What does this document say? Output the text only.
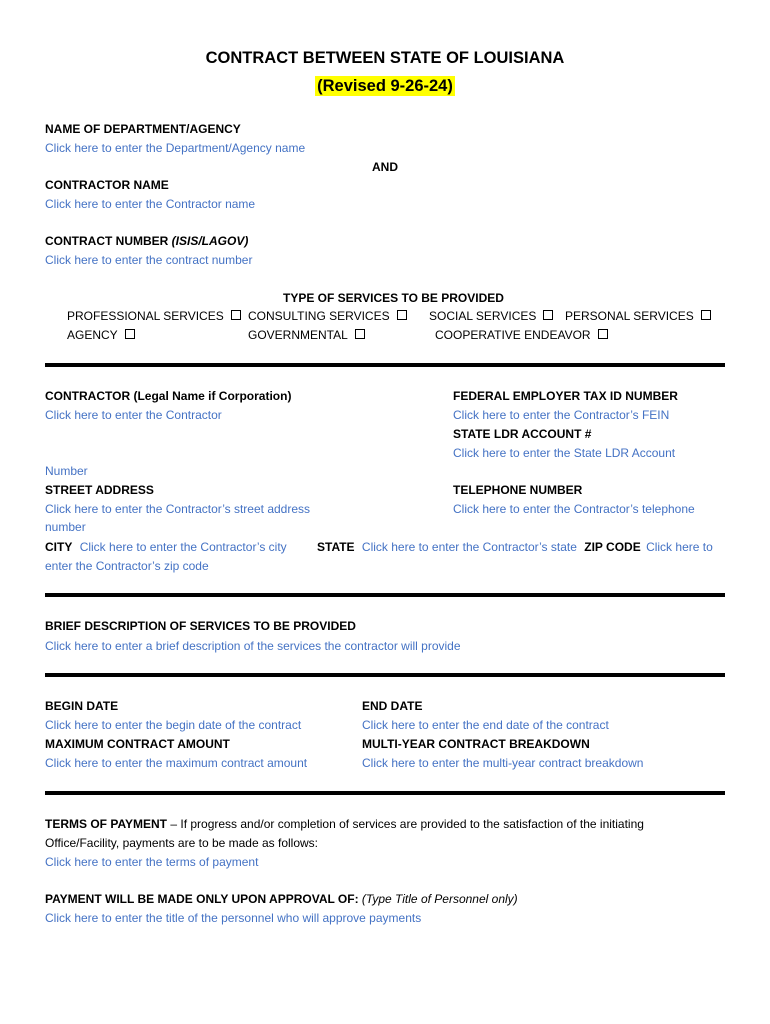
CONTRACT BETWEEN STATE OF LOUISIANA
(Revised 9-26-24)
NAME OF DEPARTMENT/AGENCY
Click here to enter the Department/Agency name
AND
CONTRACTOR NAME
Click here to enter the Contractor name
CONTRACT NUMBER (ISIS/LAGOV)
Click here to enter the contract number
TYPE OF SERVICES TO BE PROVIDED
PROFESSIONAL SERVICES	CONSULTING SERVICES	SOCIAL SERVICES	PERSONAL SERVICES
AGENCY	GOVERNMENTAL	COOPERATIVE ENDEAVOR
CONTRACTOR (Legal Name if Corporation)
Click here to enter the Contractor
FEDERAL EMPLOYER TAX ID NUMBER
Click here to enter the Contractor’s FEIN
STATE LDR ACCOUNT #
Click here to enter the State LDR Account
Number
STREET ADDRESS
Click here to enter the Contractor’s street address
number
TELEPHONE NUMBER
Click here to enter the Contractor’s telephone
CITY Click here to enter the Contractor’s city	STATE Click here to enter the Contractor’s state ZIP CODE Click here to
enter the Contractor’s zip code
BRIEF DESCRIPTION OF SERVICES TO BE PROVIDED
Click here to enter a brief description of the services the contractor will provide
BEGIN DATE
Click here to enter the begin date of the contract
MAXIMUM CONTRACT AMOUNT
Click here to enter the maximum contract amount
END DATE
Click here to enter the end date of the contract
MULTI-YEAR CONTRACT BREAKDOWN
Click here to enter the multi-year contract breakdown
TERMS OF PAYMENT – If progress and/or completion of services are provided to the satisfaction of the initiating
Office/Facility, payments are to be made as follows:
Click here to enter the terms of payment
PAYMENT WILL BE MADE ONLY UPON APPROVAL OF: (Type Title of Personnel only)
Click here to enter the title of the personnel who will approve payments
